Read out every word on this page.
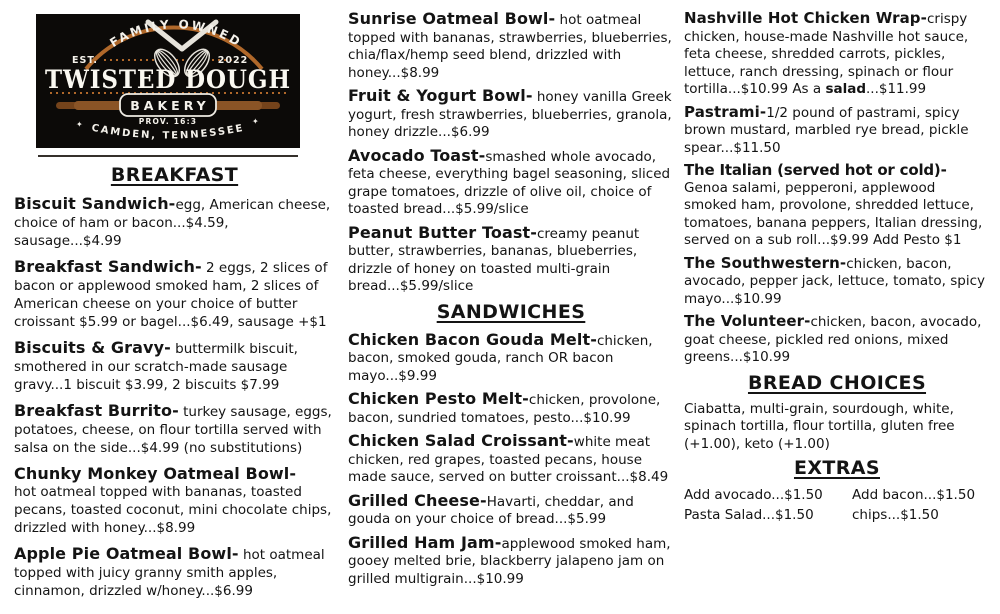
FAMILY OWNED
EST.	2022
TWISTED DOUGH
BAKERY
PROV. 16:3
CAMDEN, TENNESSEE
✦	✦
BREAKFAST

Biscuit Sandwich-egg, American cheese, choice of ham or bacon...$4.59, sausage...$4.99

Breakfast Sandwich- 2 eggs, 2 slices of bacon or applewood smoked ham, 2 slices of American cheese on your choice of butter croissant $5.99 or bagel...$6.49, sausage +$1

Biscuits & Gravy- buttermilk biscuit, smothered in our scratch-made sausage gravy...1 biscuit $3.99, 2 biscuits $7.99

Breakfast Burrito- turkey sausage, eggs, potatoes, cheese, on flour tortilla served with salsa on the side...$4.99 (no substitutions)

Chunky Monkey Oatmeal Bowl-
hot oatmeal topped with bananas, toasted pecans, toasted coconut, mini chocolate chips, drizzled with honey...$8.99

Apple Pie Oatmeal Bowl- hot oatmeal topped with juicy granny smith apples, cinnamon, drizzled w/honey...$6.99

Sunrise Oatmeal Bowl- hot oatmeal topped with bananas, strawberries, blueberries, chia/flax/hemp seed blend, drizzled with honey...$8.99

Fruit & Yogurt Bowl- honey vanilla Greek yogurt, fresh strawberries, blueberries, granola, honey drizzle...$6.99

Avocado Toast-smashed whole avocado, feta cheese, everything bagel seasoning, sliced grape tomatoes, drizzle of olive oil, choice of toasted bread...$5.99/slice

Peanut Butter Toast-creamy peanut butter, strawberries, bananas, blueberries, drizzle of honey on toasted multi-grain bread...$5.99/slice

SANDWICHES

Chicken Bacon Gouda Melt-chicken, bacon, smoked gouda, ranch OR bacon mayo...$9.99

Chicken Pesto Melt-chicken, provolone, bacon, sundried tomatoes, pesto...$10.99

Chicken Salad Croissant-white meat chicken, red grapes, toasted pecans, house made sauce, served on butter croissant...$8.49

Grilled Cheese-Havarti, cheddar, and gouda on your choice of bread...$5.99

Grilled Ham Jam-applewood smoked ham, gooey melted brie, blackberry jalapeno jam on grilled multigrain...$10.99

Nashville Hot Chicken Wrap-crispy chicken, house-made Nashville hot sauce, feta cheese, shredded carrots, pickles, lettuce, ranch dressing, spinach or flour tortilla...$10.99 As a salad...$11.99

Pastrami-1/2 pound of pastrami, spicy brown mustard, marbled rye bread, pickle spear...$11.50

The Italian (served hot or cold)-
Genoa salami, pepperoni, applewood smoked ham, provolone, shredded lettuce, tomatoes, banana peppers, Italian dressing, served on a sub roll...$9.99 Add Pesto $1

The Southwestern-chicken, bacon, avocado, pepper jack, lettuce, tomato, spicy mayo...$10.99

The Volunteer-chicken, bacon, avocado, goat cheese, pickled red onions, mixed greens...$10.99

BREAD CHOICES

Ciabatta, multi-grain, sourdough, white, spinach tortilla, flour tortilla, gluten free (+1.00), keto (+1.00)

EXTRAS
Add avocado...$1.50	Add bacon...$1.50
Pasta Salad...$1.50	chips...$1.50
